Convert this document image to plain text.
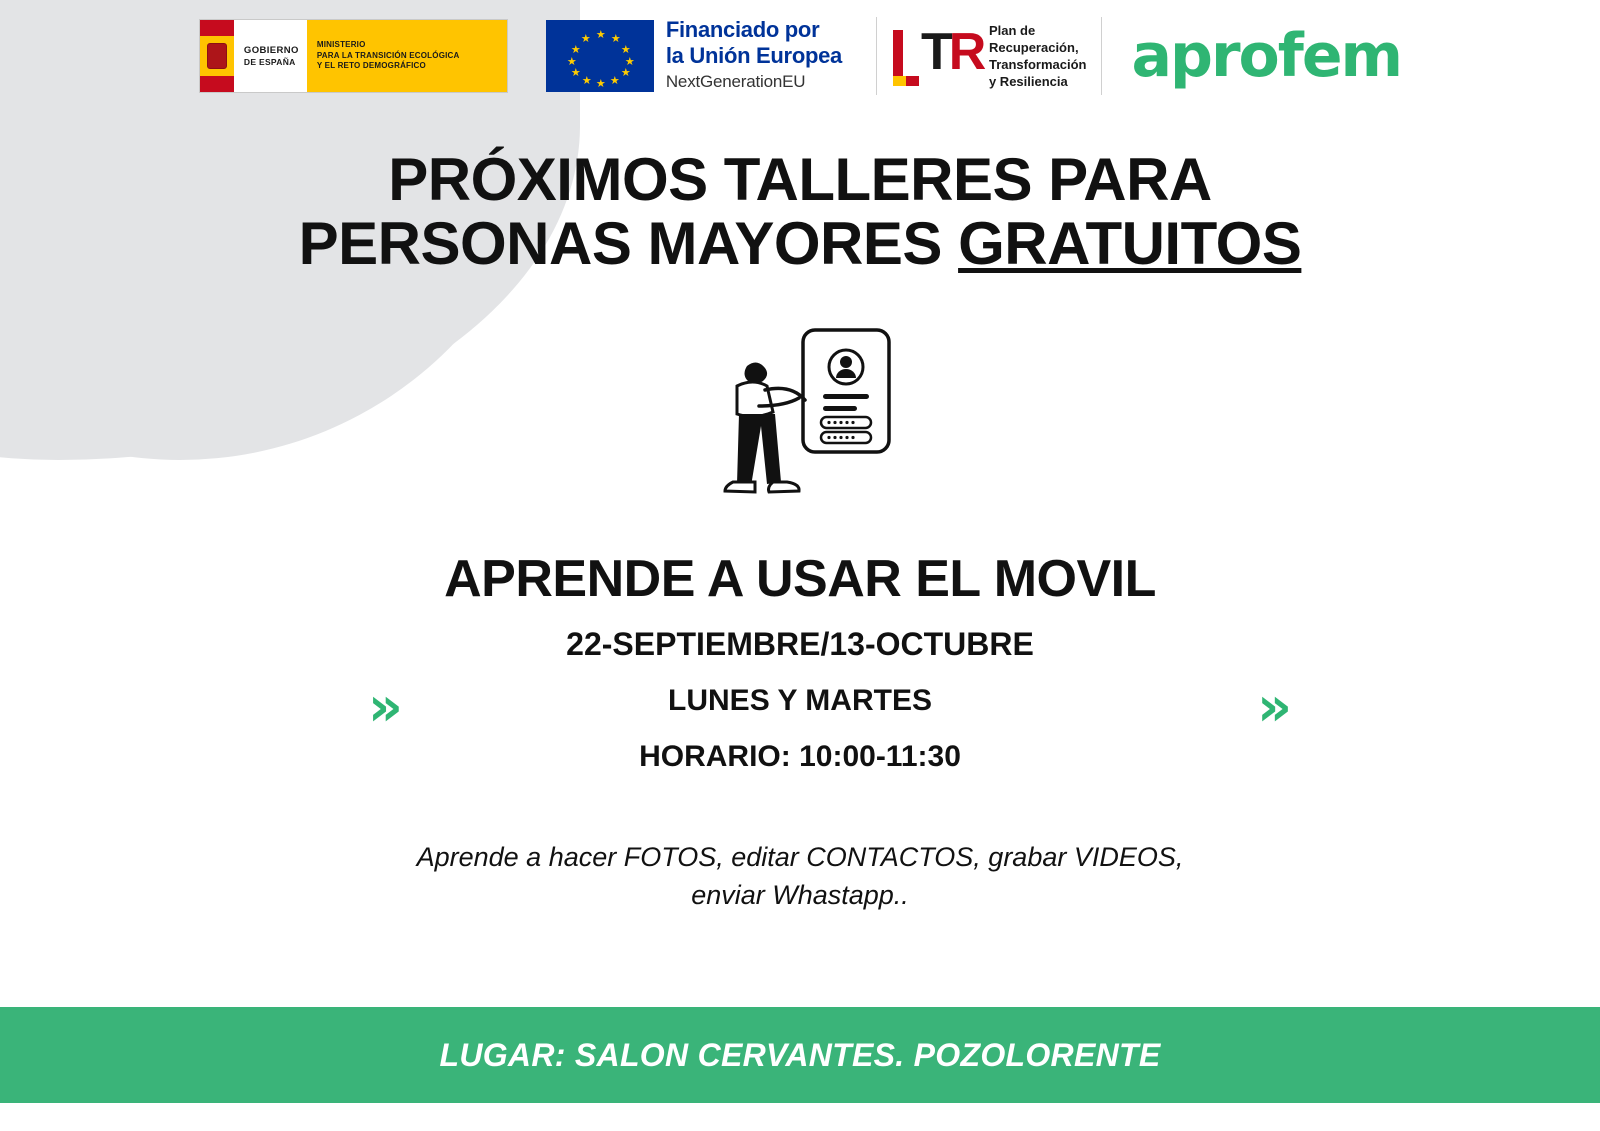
GOBIERNO
DE ESPAÑA
MINISTERIO
PARA LA TRANSICIÓN ECOLÓGICA
Y EL RETO DEMOGRÁFICO
★ ★
★
★
★
★
★
★
★
★
★
★	Financiado por
la Unión Europea
NextGenerationEU
TR Plan de
Recuperación,
Transformación
y Resiliencia	aprofem
PRÓXIMOS TALLERES PARA
PERSONAS MAYORES GRATUITOS
»	»
APRENDE A USAR EL MOVIL
22-SEPTIEMBRE/13-OCTUBRE
LUNES Y MARTES
HORARIO: 10:00-11:30
Aprende a hacer FOTOS, editar CONTACTOS, grabar VIDEOS,
enviar Whastapp..
LUGAR: SALON CERVANTES. POZOLORENTE
